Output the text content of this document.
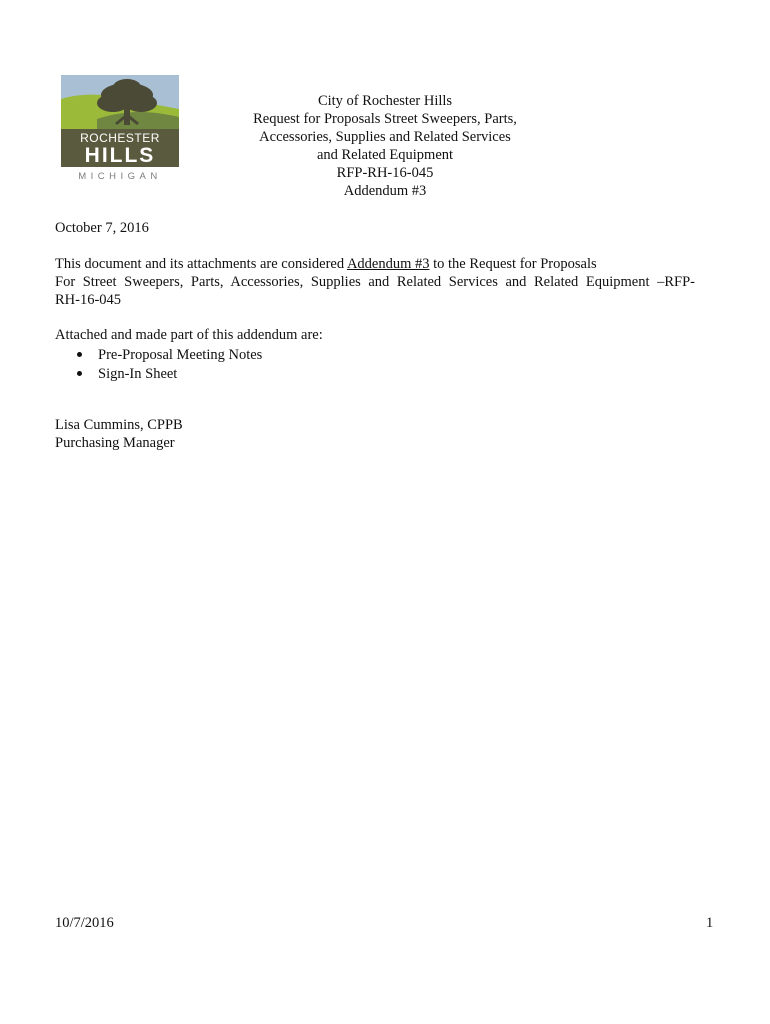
ROCHESTER
HILLS
MICHIGAN
City of Rochester Hills
Request for Proposals Street Sweepers, Parts,
Accessories, Supplies and Related Services
and Related Equipment
RFP-RH-16-045
Addendum #3
October 7, 2016
This document and its attachments are considered Addendum #3 to the Request for Proposals
For Street Sweepers, Parts, Accessories, Supplies and Related Services and Related Equipment –RFP-
RH-16-045
Attached and made part of this addendum are:
Pre-Proposal Meeting Notes
Sign-In Sheet
Lisa Cummins, CPPB
Purchasing Manager
10/7/2016	1
